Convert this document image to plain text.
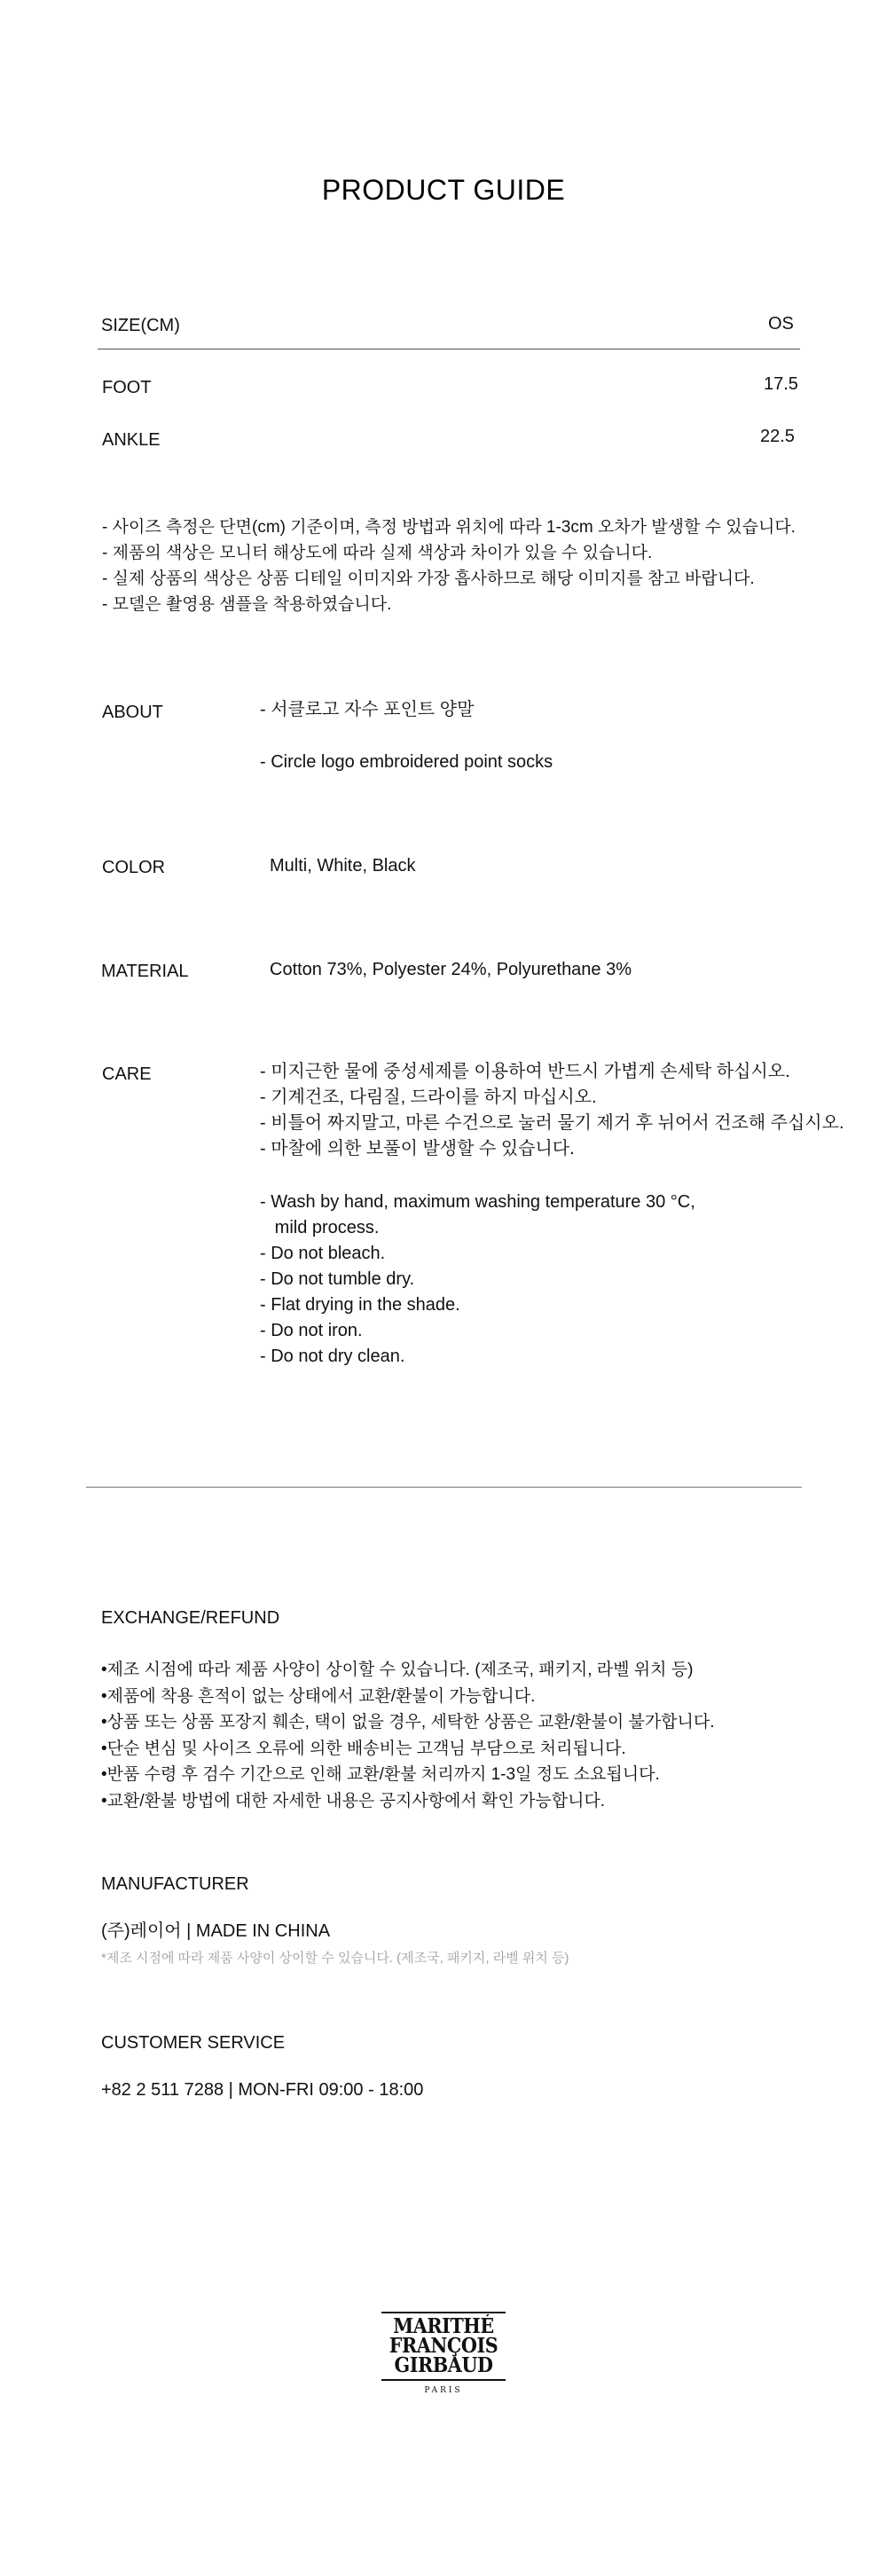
PRODUCT GUIDE
SIZE(CM)	OS
FOOT	17.5
ANKLE	22.5
- 사이즈 측정은 단면(cm) 기준이며, 측정 방법과 위치에 따라 1-3cm 오차가 발생할 수 있습니다.
- 제품의 색상은 모니터 해상도에 따라 실제 색상과 차이가 있을 수 있습니다.
- 실제 상품의 색상은 상품 디테일 이미지와 가장 흡사하므로 해당 이미지를 참고 바랍니다.
- 모델은 촬영용 샘플을 착용하였습니다.
ABOUT	- 서클로고 자수 포인트 양말
- Circle logo embroidered point socks
COLOR	Multi, White, Black
MATERIAL	Cotton 73%, Polyester 24%, Polyurethane 3%
CARE	- 미지근한 물에 중성세제를 이용하여 반드시 가볍게 손세탁 하십시오.
- 기계건조, 다림질, 드라이를 하지 마십시오.
- 비틀어 짜지말고, 마른 수건으로 눌러 물기 제거 후 뉘어서 건조해 주십시오.
- 마찰에 의한 보풀이 발생할 수 있습니다.
- Wash by hand, maximum washing temperature 30 °C,
mild process.
- Do not bleach.
- Do not tumble dry.
- Flat drying in the shade.
- Do not iron.
- Do not dry clean.
EXCHANGE/REFUND
•제조 시점에 따라 제품 사양이 상이할 수 있습니다. (제조국, 패키지, 라벨 위치 등)
•제품에 착용 흔적이 없는 상태에서 교환/환불이 가능합니다.
•상품 또는 상품 포장지 훼손, 택이 없을 경우, 세탁한 상품은 교환/환불이 불가합니다.
•단순 변심 및 사이즈 오류에 의한 배송비는 고객님 부담으로 처리됩니다.
•반품 수령 후 검수 기간으로 인해 교환/환불 처리까지 1-3일 정도 소요됩니다.
•교환/환불 방법에 대한 자세한 내용은 공지사항에서 확인 가능합니다.
MANUFACTURER
(주)레이어 | MADE IN CHINA
*제조 시점에 따라 제품 사양이 상이할 수 있습니다. (제조국, 패키지, 라벨 위치 등)
CUSTOMER SERVICE
+82 2 511 7288 | MON-FRI 09:00 - 18:00
MARITHÉ
FRANÇOIS
GIRBAUD
PARIS
